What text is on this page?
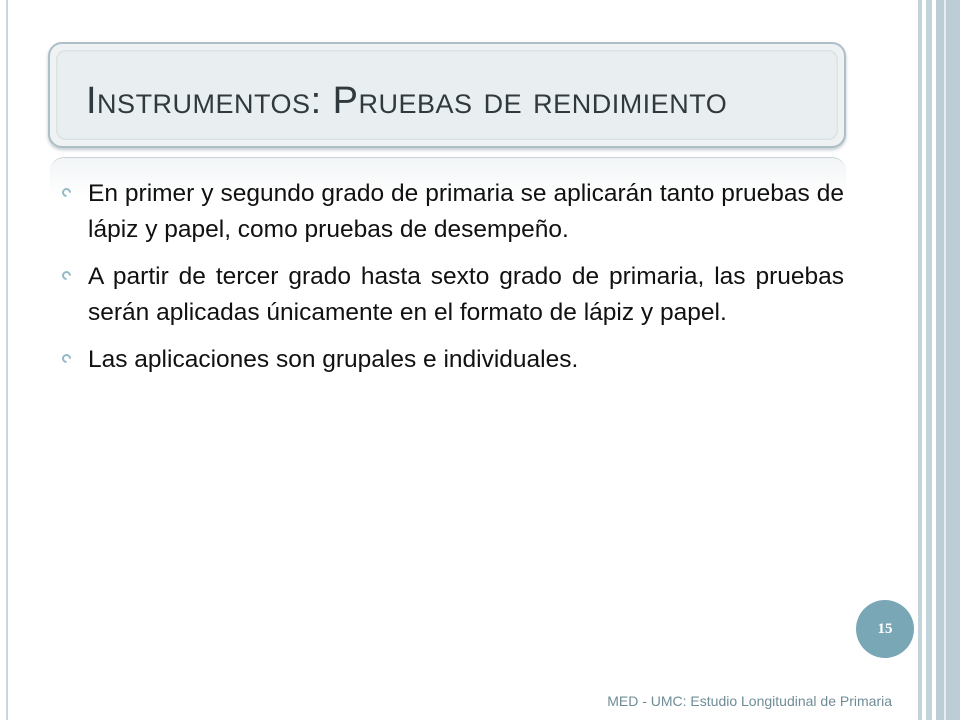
Instrumentos: Pruebas de rendimiento
En primer y segundo grado de primaria se aplicarán tanto pruebas de lápiz y papel, como pruebas de desempeño.
A partir de tercer grado hasta sexto grado de primaria, las pruebas serán aplicadas únicamente en el formato de lápiz y papel.
Las aplicaciones son grupales e individuales.
15
MED - UMC: Estudio Longitudinal de Primaria
